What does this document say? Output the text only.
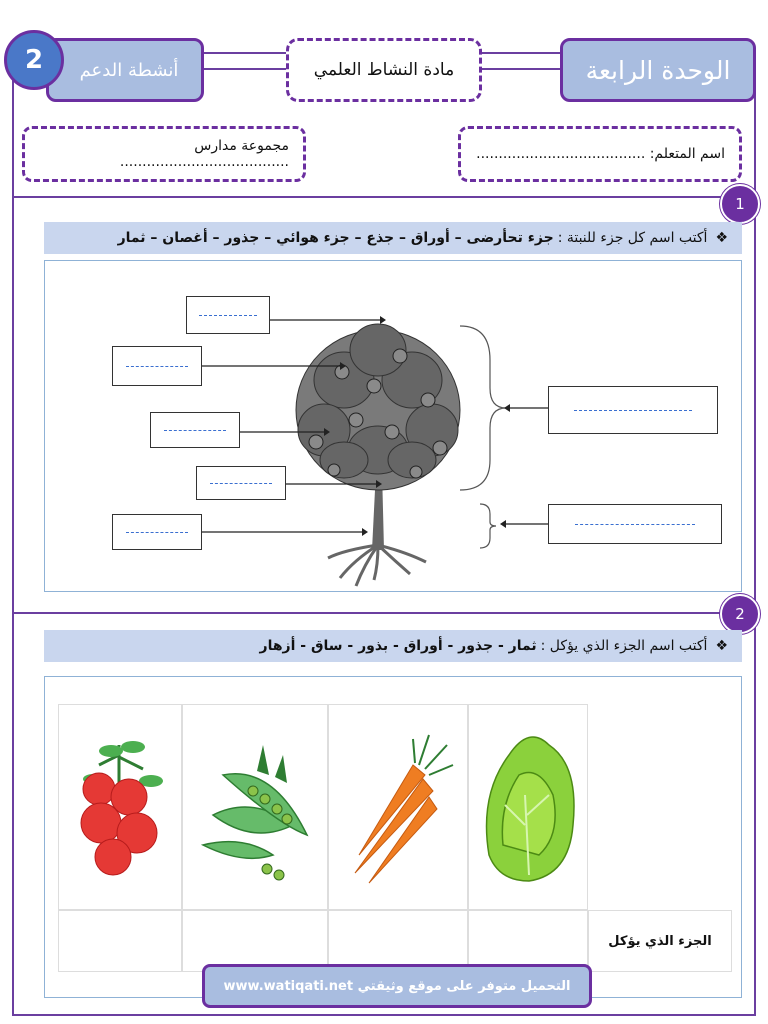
الوحدة الرابعة
مادة النشاط العلمي
أنشطة الدعم
2
اسم المتعلم: ......................................
مجموعة مدارس ......................................
1
❖
أكتب اسم كل جزء للنبتة :
جزء تحأرضى – أوراق – جذع – جزء هوائي – جذور – أغصان – ثمار
2
❖
أكتب اسم الجزء الذي يؤكل :
ثمار - جذور - أوراق - بذور - ساق - أزهار
الجزء الذي يؤكل
التحميل متوفر على موقع وثيقتي www.watiqati.net
